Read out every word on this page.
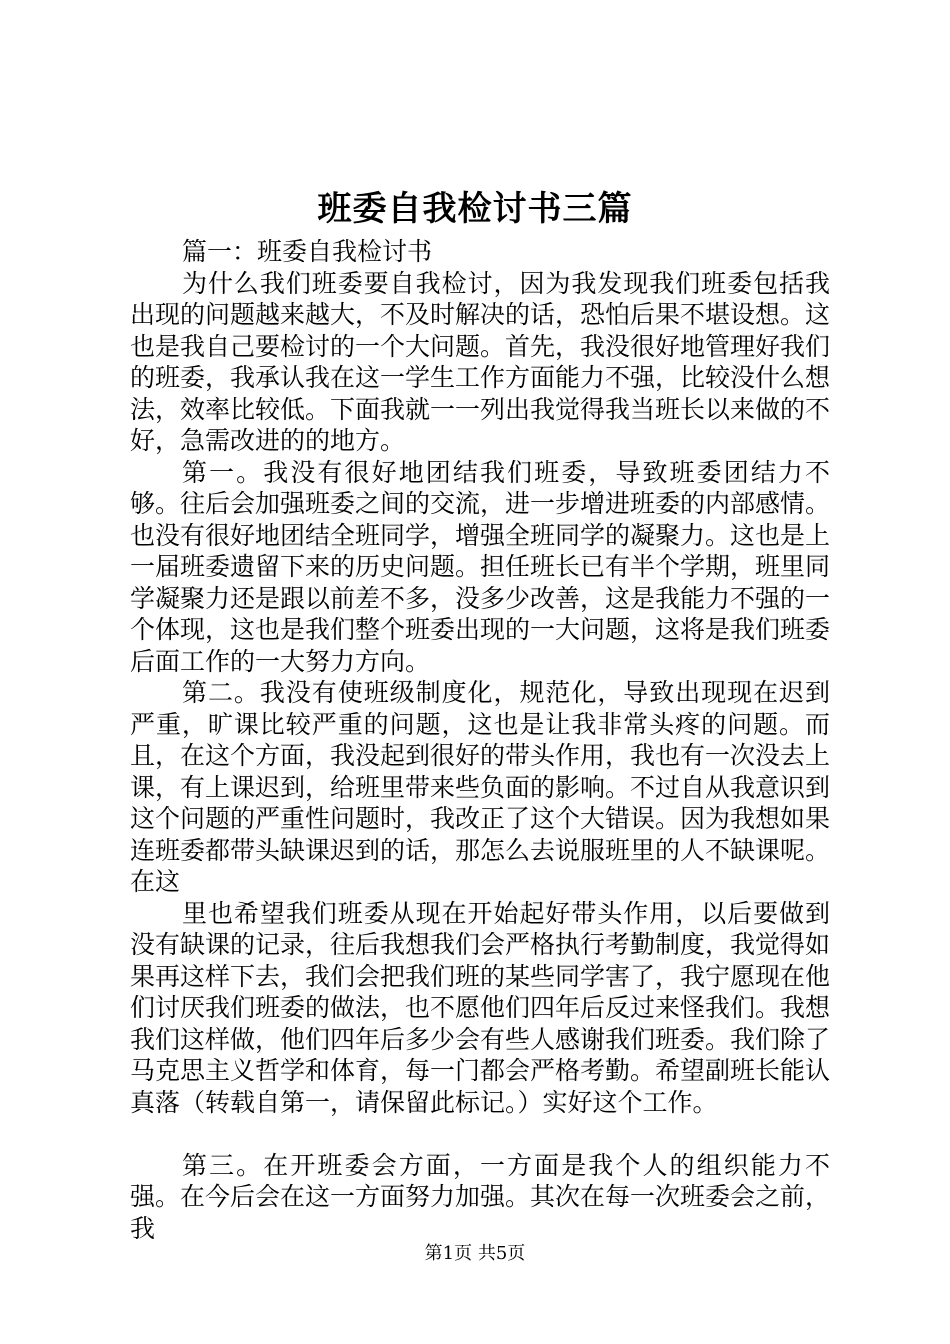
班委自我检讨书三篇

篇一：班委自我检讨书

为什么我们班委要自我检讨，因为我发现我们班委包括我出现的问题越来越大，不及时解决的话，恐怕后果不堪设想。这也是我自己要检讨的一个大问题。首先，我没很好地管理好我们的班委，我承认我在这一学生工作方面能力不强，比较没什么想法，效率比较低。下面我就一一列出我觉得我当班长以来做的不好，急需改进的的地方。

第一。我没有很好地团结我们班委，导致班委团结力不够。往后会加强班委之间的交流，进一步增进班委的内部感情。也没有很好地团结全班同学，增强全班同学的凝聚力。这也是上一届班委遗留下来的历史问题。担任班长已有半个学期，班里同学凝聚力还是跟以前差不多，没多少改善，这是我能力不强的一个体现，这也是我们整个班委出现的一大问题，这将是我们班委后面工作的一大努力方向。

第二。我没有使班级制度化，规范化，导致出现现在迟到严重，旷课比较严重的问题，这也是让我非常头疼的问题。而且，在这个方面，我没起到很好的带头作用，我也有一次没去上课，有上课迟到，给班里带来些负面的影响。不过自从我意识到这个问题的严重性问题时，我改正了这个大错误。因为我想如果连班委都带头缺课迟到的话，那怎么去说服班里的人不缺课呢。在这

里也希望我们班委从现在开始起好带头作用，以后要做到没有缺课的记录，往后我想我们会严格执行考勤制度，我觉得如果再这样下去，我们会把我们班的某些同学害了，我宁愿现在他们讨厌我们班委的做法，也不愿他们四年后反过来怪我们。我想我们这样做，他们四年后多少会有些人感谢我们班委。我们除了马克思主义哲学和体育，每一门都会严格考勤。希望副班长能认真落（转载自第一，请保留此标记。）实好这个工作。

第三。在开班委会方面，一方面是我个人的组织能力不强。在今后会在这一方面努力加强。其次在每一次班委会之前，我

第1页 共5页
